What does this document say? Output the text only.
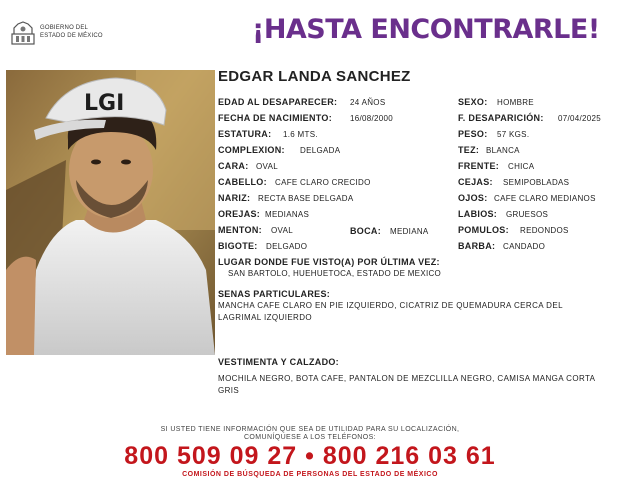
GOBIERNO DEL
ESTADO DE MÉXICO	¡HASTA ENCONTRARLE!
LGI
EDGAR LANDA SANCHEZ
EDAD AL DESAPARECER: 24 AÑOS
FECHA DE NACIMIENTO: 16/08/2000
ESTATURA: 1.6 MTS.
COMPLEXION: DELGADA
CARA: OVAL
CABELLO: CAFE CLARO CRECIDO
NARIZ: RECTA BASE DELGADA
OREJAS: MEDIANAS
MENTON: OVAL	BOCA: MEDIANA
BIGOTE: DELGADO
SEXO: HOMBRE
F. DESAPARICIÓN: 07/04/2025
PESO: 57 KGS.
TEZ: BLANCA
FRENTE: CHICA
CEJAS: SEMIPOBLADAS
OJOS: CAFE CLARO MEDIANOS
LABIOS: GRUESOS
POMULOS: REDONDOS
BARBA: CANDADO
LUGAR DONDE FUE VISTO(A) POR ÚLTIMA VEZ:
SAN BARTOLO, HUEHUETOCA, ESTADO DE MEXICO
SENAS PARTICULARES:
MANCHA CAFE CLARO EN PIE IZQUIERDO, CICATRIZ DE QUEMADURA CERCA DEL LAGRIMAL IZQUIERDO
VESTIMENTA Y CALZADO:
MOCHILA NEGRO, BOTA CAFE, PANTALON DE MEZCLILLA NEGRO, CAMISA MANGA CORTA GRIS
SI USTED TIENE INFORMACIÓN QUE SEA DE UTILIDAD PARA SU LOCALIZACIÓN,
COMUNÍQUESE A LOS TELÉFONOS:
800 509 09 27 • 800 216 03 61
COMISIÓN DE BÚSQUEDA DE PERSONAS DEL ESTADO DE MÉXICO
